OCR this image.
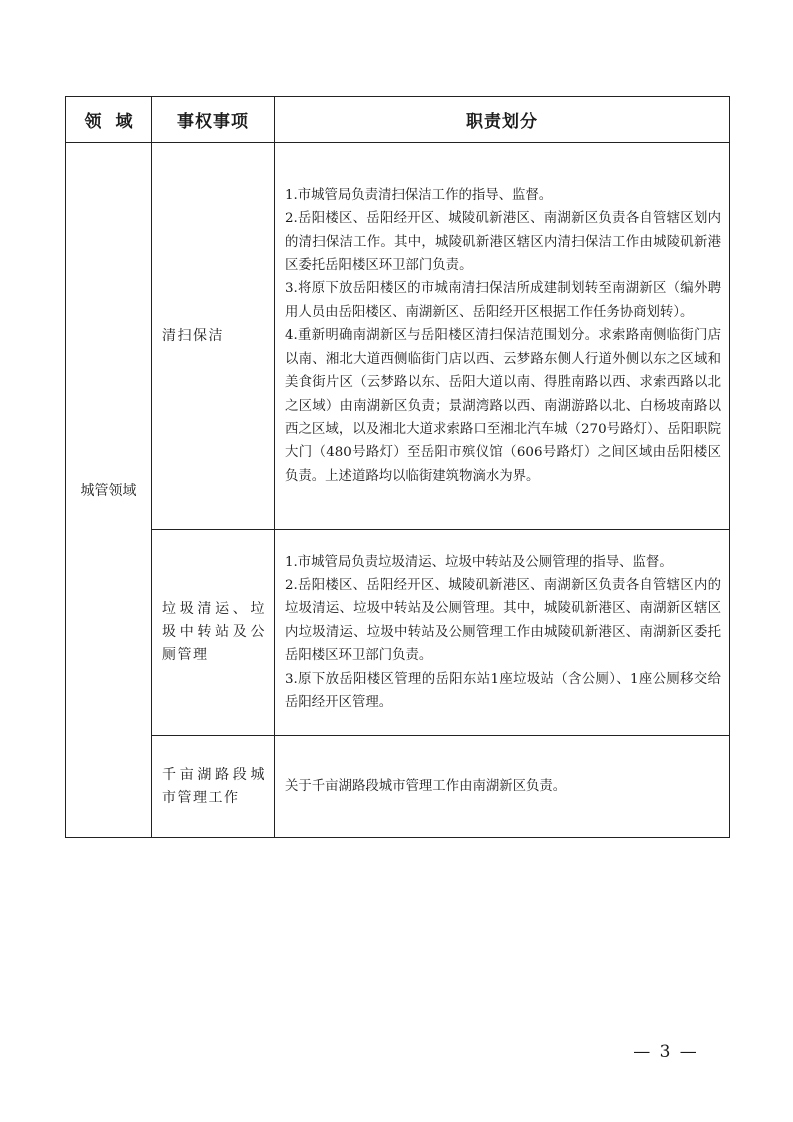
领域	事权事项	职责划分
城管领域	清扫保洁	1.市城管局负责清扫保洁工作的指导、监督。

2.岳阳楼区、岳阳经开区、城陵矶新港区、南湖新区负责各自管辖区划内的清扫保洁工作。其中，城陵矶新港区辖区内清扫保洁工作由城陵矶新港区委托岳阳楼区环卫部门负责。

3.将原下放岳阳楼区的市城南清扫保洁所成建制划转至南湖新区（编外聘用人员由岳阳楼区、南湖新区、岳阳经开区根据工作任务协商划转）。

4.重新明确南湖新区与岳阳楼区清扫保洁范围划分。求索路南侧临街门店以南、湘北大道西侧临街门店以西、云梦路东侧人行道外侧以东之区域和美食街片区（云梦路以东、岳阳大道以南、得胜南路以西、求索西路以北之区域）由南湖新区负责；景湖湾路以西、南湖游路以北、白杨坡南路以西之区域，以及湘北大道求索路口至湘北汽车城（270号路灯）、岳阳职院大门（480号路灯）至岳阳市殡仪馆（606号路灯）之间区域由岳阳楼区负责。上述道路均以临街建筑物滴水为界。

	垃圾清运、垃圾中转站及公厕管理	1.市城管局负责垃圾清运、垃圾中转站及公厕管理的指导、监督。

2.岳阳楼区、岳阳经开区、城陵矶新港区、南湖新区负责各自管辖区内的垃圾清运、垃圾中转站及公厕管理。其中，城陵矶新港区、南湖新区辖区内垃圾清运、垃圾中转站及公厕管理工作由城陵矶新港区、南湖新区委托岳阳楼区环卫部门负责。

3.原下放岳阳楼区管理的岳阳东站1座垃圾站（含公厕）、1座公厕移交给岳阳经开区管理。

	千亩湖路段城市管理工作	关于千亩湖路段城市管理工作由南湖新区负责。

— 3 —
